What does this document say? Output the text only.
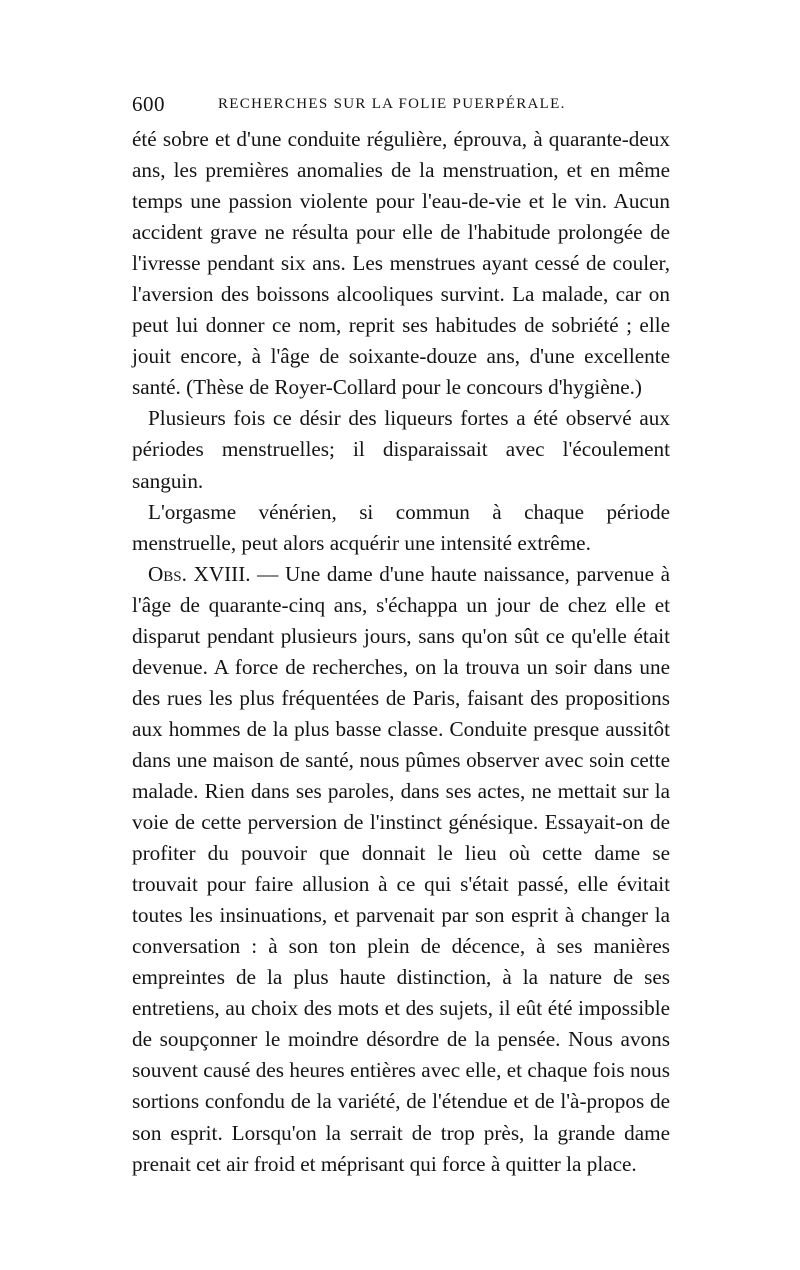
600	RECHERCHES SUR LA FOLIE PUERPÉRALE.

été sobre et d'une conduite régulière, éprouva, à quarante-deux ans, les premières anomalies de la menstruation, et en même temps une passion violente pour l'eau-de-vie et le vin. Aucun accident grave ne résulta pour elle de l'habitude prolongée de l'ivresse pendant six ans. Les menstrues ayant cessé de couler, l'aversion des boissons alcooliques survint. La malade, car on peut lui donner ce nom, reprit ses habitudes de sobriété ; elle jouit encore, à l'âge de soixante-douze ans, d'une excellente santé. (Thèse de Royer-Collard pour le concours d'hygiène.)

Plusieurs fois ce désir des liqueurs fortes a été observé aux périodes menstruelles; il disparaissait avec l'écoulement sanguin.

L'orgasme vénérien, si commun à chaque période menstruelle, peut alors acquérir une intensité extrême.

Obs. XVIII. — Une dame d'une haute naissance, parvenue à l'âge de quarante-cinq ans, s'échappa un jour de chez elle et disparut pendant plusieurs jours, sans qu'on sût ce qu'elle était devenue. A force de recherches, on la trouva un soir dans une des rues les plus fréquentées de Paris, faisant des propositions aux hommes de la plus basse classe. Conduite presque aussitôt dans une maison de santé, nous pûmes observer avec soin cette malade. Rien dans ses paroles, dans ses actes, ne mettait sur la voie de cette perversion de l'instinct génésique. Essayait-on de profiter du pouvoir que donnait le lieu où cette dame se trouvait pour faire allusion à ce qui s'était passé, elle évitait toutes les insinuations, et parvenait par son esprit à changer la conversation : à son ton plein de décence, à ses manières empreintes de la plus haute distinction, à la nature de ses entretiens, au choix des mots et des sujets, il eût été impossible de soupçonner le moindre désordre de la pensée. Nous avons souvent causé des heures entières avec elle, et chaque fois nous sortions confondu de la variété, de l'étendue et de l'à-propos de son esprit. Lorsqu'on la serrait de trop près, la grande dame prenait cet air froid et méprisant qui force à quitter la place.
